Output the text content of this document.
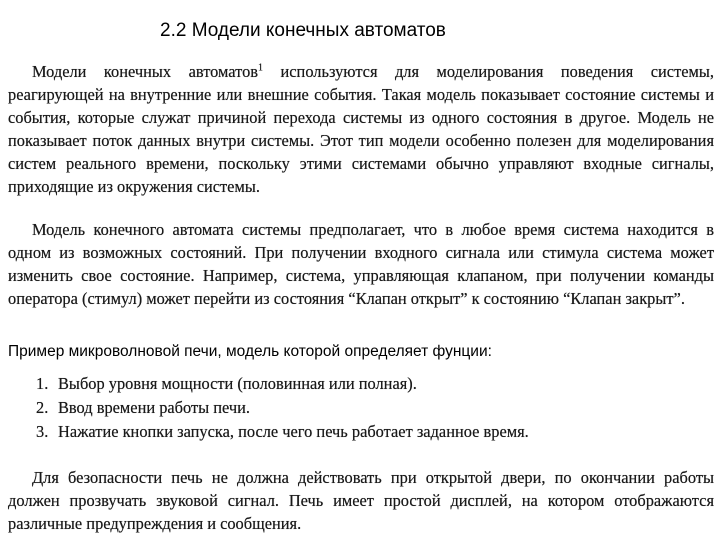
2.2 Модели конечных автоматов

Модели конечных автоматов$^1$ используются для моделирования поведения системы, реагирующей на внутренние или внешние события. Такая модель показывает состояние системы и события, которые служат причиной перехода системы из одного состояния в другое. Модель не показывает поток данных внутри системы. Этот тип модели особенно полезен для моделирования систем реального времени, поскольку этими системами обычно управляют входные сигналы, приходящие из окружения системы.

Модель конечного автомата системы предполагает, что в любое время система находится в одном из возможных состояний. При получении входного сигнала или стимула система может изменить свое состояние. Например, система, управляющая клапаном, при получении команды оператора (стимул) может перейти из состояния “Клапан открыт” к состоянию “Клапан закрыт”.

Пример микроволновой печи, модель которой определяет фунции:
1. Выбор уровня мощности (половинная или полная).
2. Ввод времени работы печи.
3. Нажатие кнопки запуска, после чего печь работает заданное время.

Для безопасности печь не должна действовать при открытой двери, по окончании работы должен прозвучать звуковой сигнал. Печь имеет простой дисплей, на котором отображаются различные предупреждения и сообщения.
